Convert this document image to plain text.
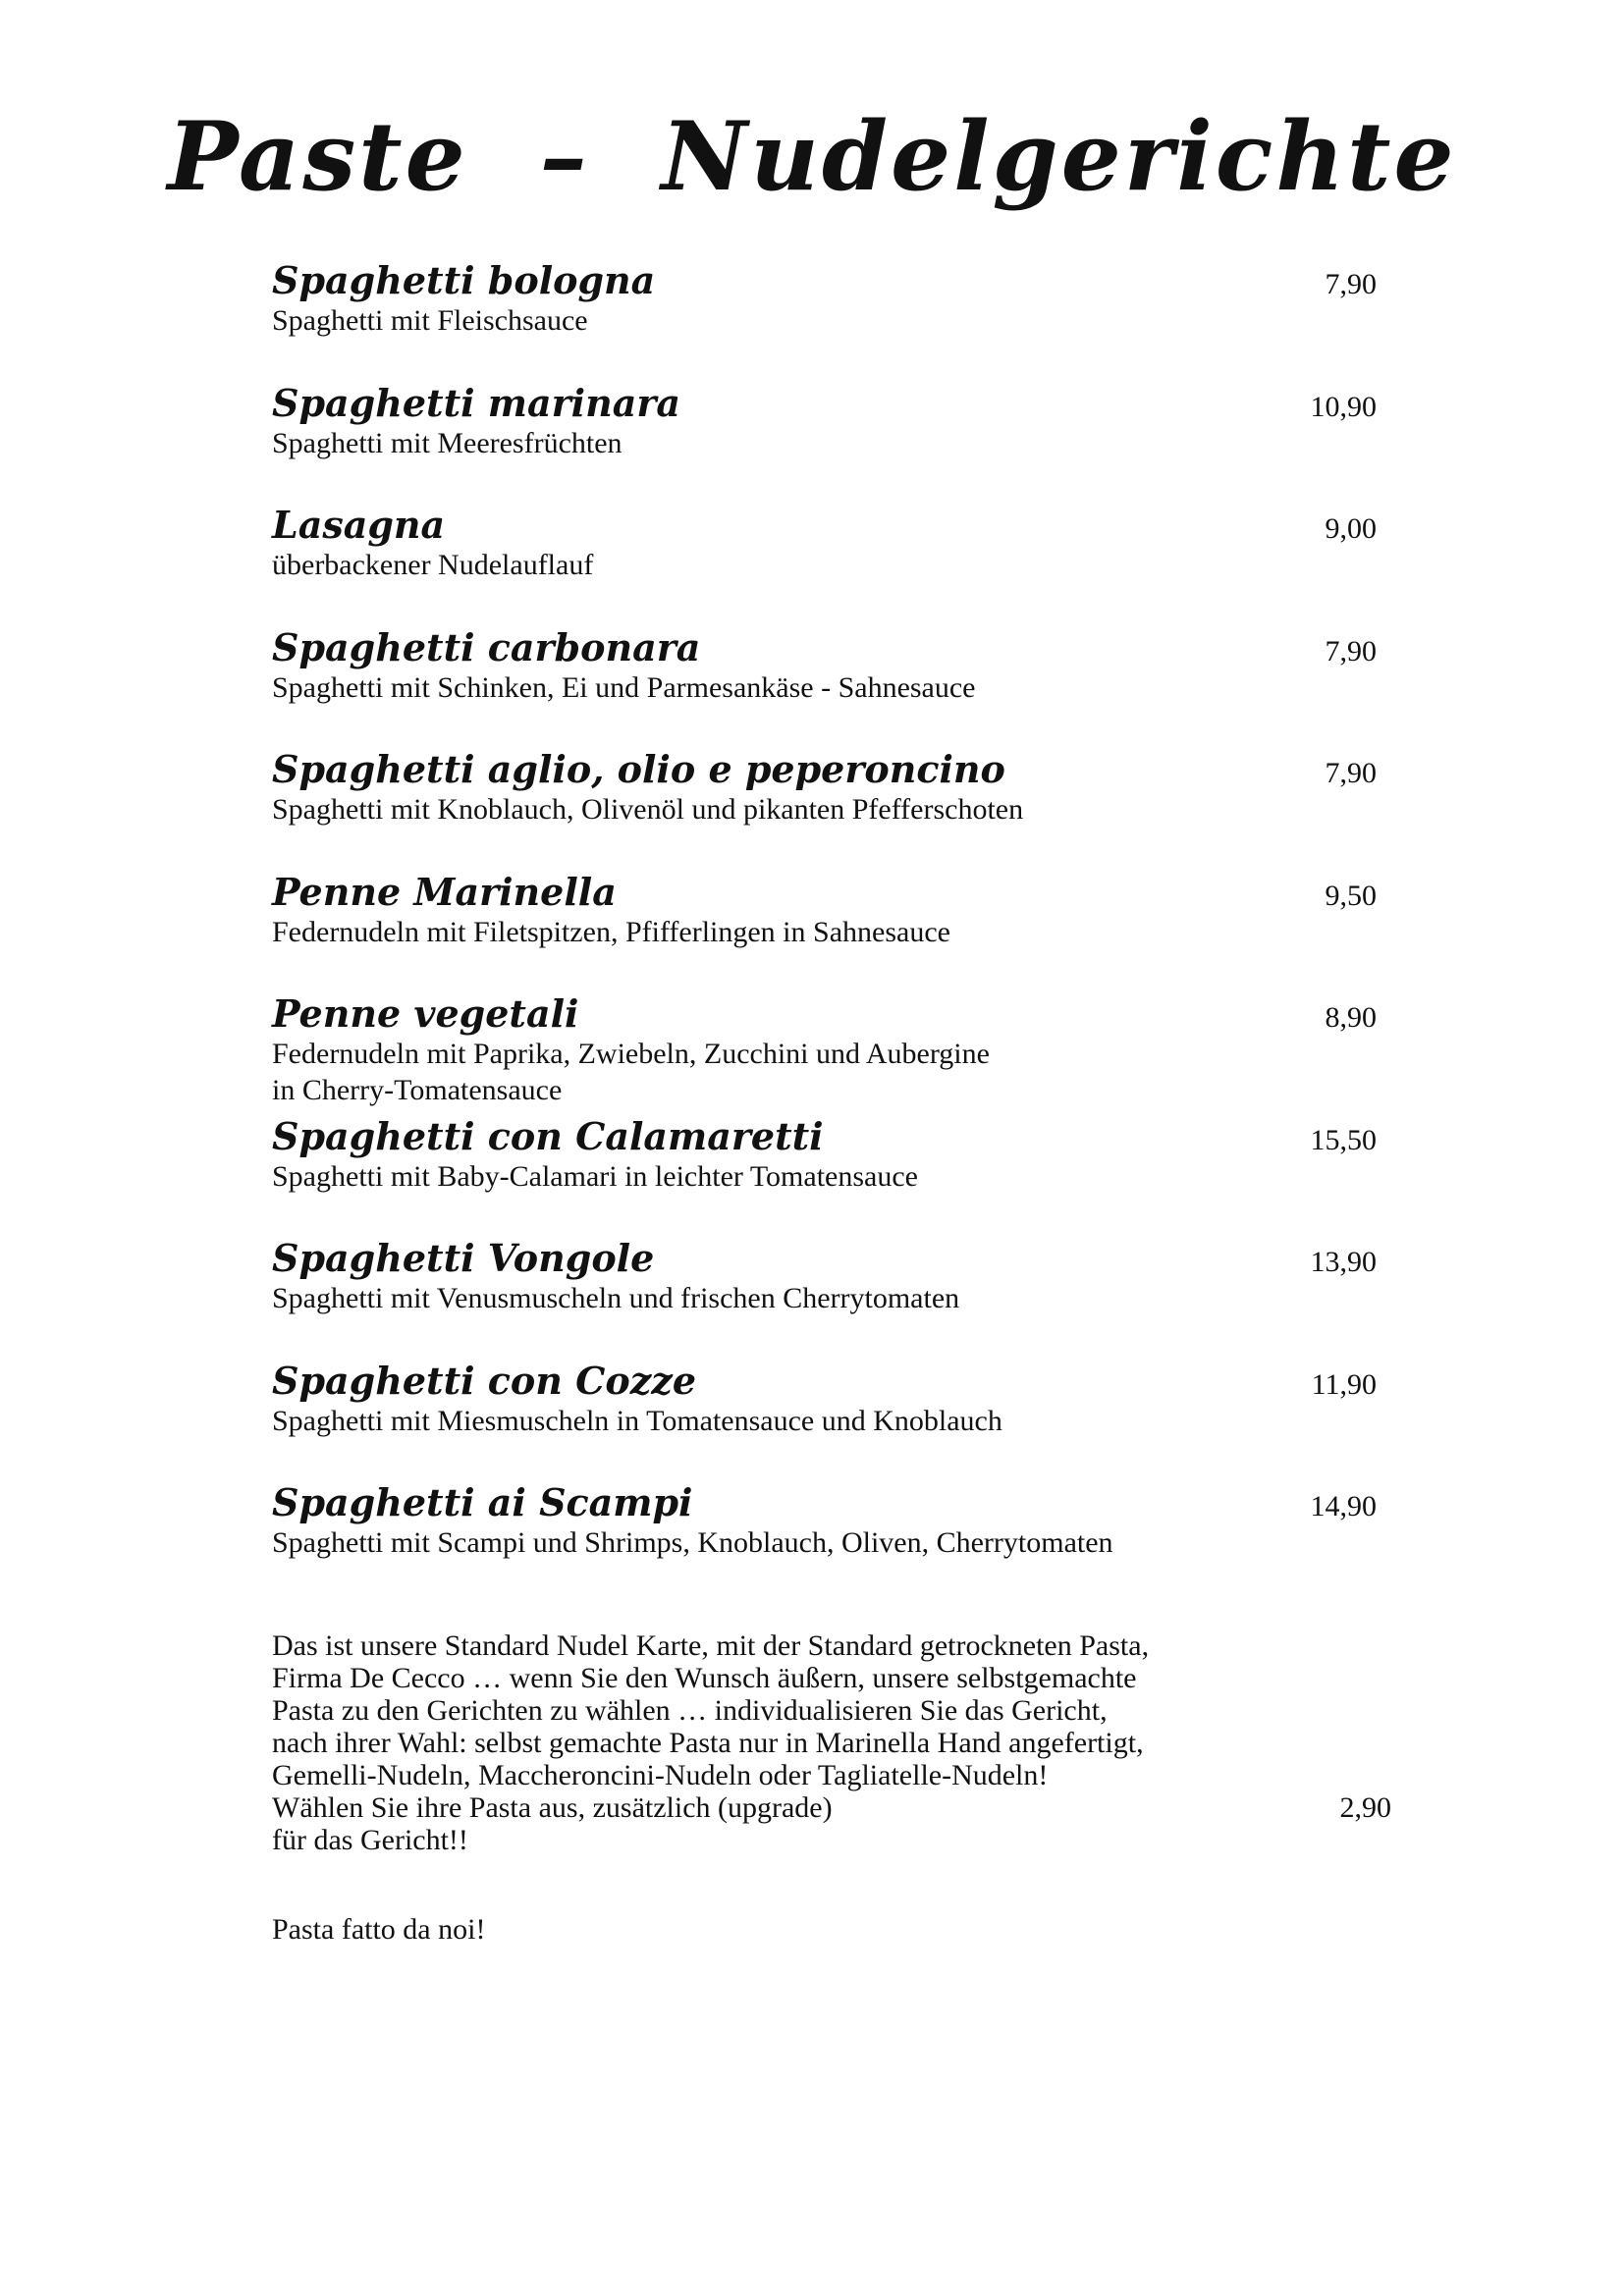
Paste  –  Nudelgerichte
Spaghetti bologna	7,90
Spaghetti mit Fleischsauce
Spaghetti marinara	10,90
Spaghetti mit Meeresfrüchten
Lasagna	9,00
überbackener Nudelauflauf
Spaghetti carbonara	7,90
Spaghetti mit Schinken, Ei und Parmesankäse - Sahnesauce
Spaghetti aglio, olio e peperoncino	7,90
Spaghetti mit Knoblauch, Olivenöl und pikanten Pfefferschoten
Penne Marinella	9,50
Federnudeln mit Filetspitzen, Pfifferlingen in Sahnesauce
Penne vegetali	8,90
Federnudeln mit Paprika, Zwiebeln, Zucchini und Aubergine
in Cherry-Tomatensauce
Spaghetti con Calamaretti	15,50
Spaghetti mit Baby-Calamari in leichter Tomatensauce
Spaghetti Vongole	13,90
Spaghetti mit Venusmuscheln und frischen Cherrytomaten
Spaghetti con Cozze	11,90
Spaghetti mit Miesmuscheln in Tomatensauce und Knoblauch
Spaghetti ai Scampi	14,90
Spaghetti mit Scampi und Shrimps, Knoblauch, Oliven, Cherrytomaten
Das ist unsere Standard Nudel Karte, mit der Standard getrockneten Pasta,
Firma De Cecco … wenn Sie den Wunsch äußern, unsere selbstgemachte
Pasta zu den Gerichten zu wählen … individualisieren Sie das Gericht,
nach ihrer Wahl: selbst gemachte Pasta nur in Marinella Hand angefertigt,
Gemelli-Nudeln, Maccheroncini-Nudeln oder Tagliatelle-Nudeln!
Wählen Sie ihre Pasta aus, zusätzlich (upgrade)	2,90
für das Gericht!!
Pasta fatto da noi!
